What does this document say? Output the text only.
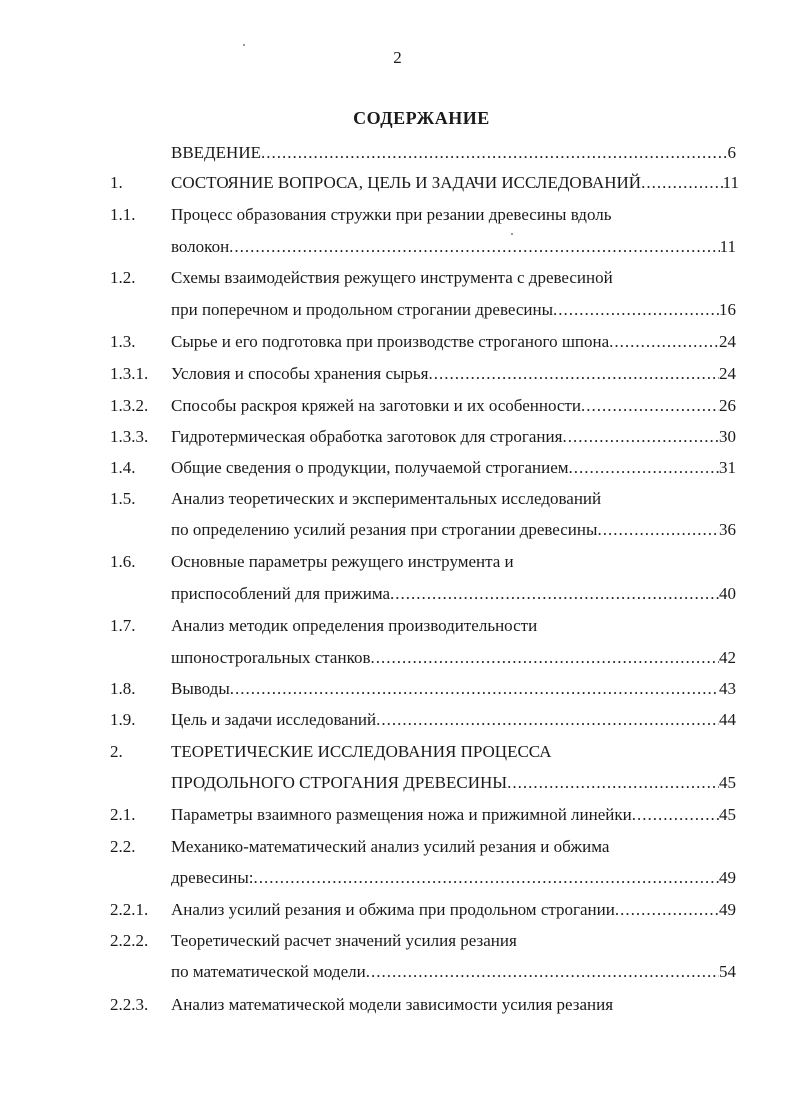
2
СОДЕРЖАНИЕ
ВВЕДЕНИЕ .....	6
1.	СОСТОЯНИЕ ВОПРОСА, ЦЕЛЬ И ЗАДАЧИ ИССЛЕДОВАНИЙ .....	11
1.1. Процесс образования стружки при резании древесины вдоль
волокон .....	11
1.2. Схемы взаимодействия режущего инструмента с древесиной
при поперечном и продольном строгании древесины .....	16
1.3. Сырье и его подготовка при производстве строганого шпона .....	24
1.3.1. Условия и способы хранения сырья .....	24
1.3.2. Способы раскроя кряжей на заготовки и их особенности .....	26
1.3.3. Гидротермическая обработка заготовок для строгания .....	30
1.4. Общие сведения о продукции, получаемой строганием .....	31
1.5. Анализ теоретических и экспериментальных исследований
по определению усилий резания при строгании древесины .....	36
1.6. Основные параметры режущего инструмента и
приспособлений для прижима .....	40
1.7. Анализ методик определения производительности
шпоностроrальных станков .....	42
1.8. Выводы .....	43
1.9. Цель и задачи исследований .....	44
2.	ТЕОРЕТИЧЕСКИЕ ИССЛЕДОВАНИЯ ПРОЦЕССА
ПРОДОЛЬНОГО СТРОГАНИЯ ДРЕВЕСИНЫ .....	45
2.1. Параметры взаимного размещения ножа и прижимной линейки .....	45
2.2. Механико-математический анализ усилий резания и обжима
древесины: .....	49
2.2.1. Анализ усилий резания и обжима при продольном строгании .....	49
2.2.2. Теоретический расчет значений усилия резания
по математической модели .....	54
2.2.3. Анализ математической модели зависимости усилия резания
